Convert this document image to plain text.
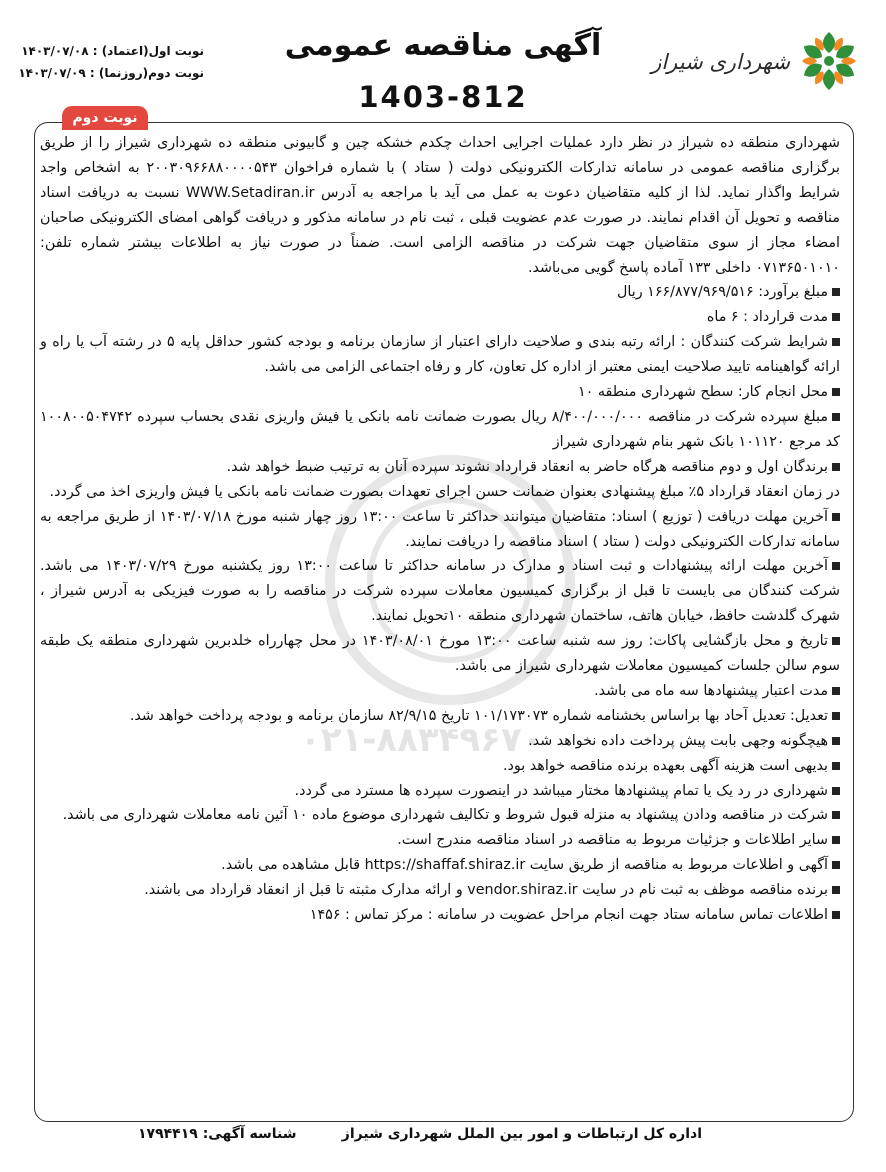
شهرداری شیراز
آگهی مناقصه عمومی
1403-812
نوبت اول(اعتماد) : ۱۴۰۳/۰۷/۰۸
نوبت دوم(روزنما) : ۱۴۰۳/۰۷/۰۹
نوبت دوم
۰۲۱-۸۸۳۴۹۶۷۰

شهرداری منطقه ده شیراز در نظر دارد عملیات اجرایی احداث چکدم خشکه چین و گابیونی منطقه ده شهرداری شیراز را از طریق برگزاری مناقصه عمومی در سامانه تدارکات الکترونیکی دولت ( ستاد ) با شماره فراخوان ۲۰۰۳۰۹۶۶۸۸۰۰۰۰۵۴۳ به اشخاص واجد شرایط واگذار نماید. لذا از کلیه متقاضیان دعوت به عمل می آید با مراجعه به آدرس WWW.Setadiran.ir نسبت به دریافت اسناد مناقصه و تحویل آن اقدام نمایند. در صورت عدم عضویت قبلی ، ثبت نام در سامانه مذکور و دریافت گواهی امضای الکترونیکی صاحبان امضاء مجاز از سوی متقاضیان جهت شرکت در مناقصه الزامی است. ضمناً در صورت نیاز به اطلاعات بیشتر شماره تلفن: ۰۷۱۳۶۵۰۱۰۱۰ داخلی ۱۳۳ آماده پاسخ گویی می‌باشد.

مبلغ برآورد: ۱۶۶/۸۷۷/۹۶۹/۵۱۶ ریال

مدت قرارداد : ۶ ماه

شرایط شرکت کنندگان : ارائه رتبه بندی و صلاحیت دارای اعتبار از سازمان برنامه و بودجه کشور حداقل پایه ۵ در رشته آب یا راه و ارائه گواهینامه تایید صلاحیت ایمنی معتبر از اداره کل تعاون، کار و رفاه اجتماعی الزامی می باشد.

محل انجام کار: سطح شهرداری منطقه ۱۰

مبلغ سپرده شرکت در مناقصه ۸/۴۰۰/۰۰۰/۰۰۰ ریال بصورت ضمانت نامه بانکی یا فیش واریزی نقدی بحساب سپرده ۱۰۰۸۰۰۵۰۴۷۴۲ کد مرجع ۱۰۱۱۲۰ بانک شهر بنام شهرداری شیراز

برندگان اول و دوم مناقصه هرگاه حاضر به انعقاد قرارداد نشوند سپرده آنان به ترتیب ضبط خواهد شد.

در زمان انعقاد قرارداد ۵٪ مبلغ پیشنهادی بعنوان ضمانت حسن اجرای تعهدات بصورت ضمانت نامه بانکی یا فیش واریزی اخذ می گردد.

آخرین مهلت دریافت ( توزیع ) اسناد: متقاضیان میتوانند حداکثر تا ساعت ۱۳:۰۰ روز چهار شنبه مورخ ۱۴۰۳/۰۷/۱۸ از طریق مراجعه به سامانه تدارکات الکترونیکی دولت ( ستاد ) اسناد مناقصه را دریافت نمایند.

آخرین مهلت ارائه پیشنهادات و ثبت اسناد و مدارک در سامانه حداکثر تا ساعت ۱۳:۰۰ روز یکشنبه مورخ ۱۴۰۳/۰۷/۲۹ می باشد. شرکت کنندگان می بایست تا قبل از برگزاری کمیسیون معاملات سپرده شرکت در مناقصه را به صورت فیزیکی به آدرس شیراز ، شهرک گلدشت حافظ، خیابان هاتف، ساختمان شهرداری منطقه ۱۰تحویل نمایند.

تاریخ و محل بازگشایی پاکات: روز سه شنبه ساعت ۱۳:۰۰ مورخ ۱۴۰۳/۰۸/۰۱ در محل چهارراه خلدبرین شهرداری منطقه یک طبقه سوم سالن جلسات کمیسیون معاملات شهرداری شیراز می باشد.

مدت اعتبار پیشنهادها سه ماه می باشد.

تعدیل: تعدیل آحاد بها براساس بخشنامه شماره ۱۰۱/۱۷۳۰۷۳ تاریخ ۸۲/۹/۱۵ سازمان برنامه و بودجه پرداخت خواهد شد.

هیچگونه وجهی بابت پیش پرداخت داده نخواهد شد.

بدیهی است هزینه آگهی بعهده برنده مناقصه خواهد بود.

شهرداری در رد یک یا تمام پیشنهادها مختار میباشد در اینصورت سپرده ها مسترد می گردد.

شرکت در مناقصه ودادن پیشنهاد به منزله قبول شروط و تکالیف شهرداری موضوع ماده ۱۰ آئین نامه معاملات شهرداری می باشد.

سایر اطلاعات و جزئیات مربوط به مناقصه در اسناد مناقصه مندرج است.

آگهی و اطلاعات مربوط به مناقصه از طریق سایت https://shaffaf.shiraz.ir قابل مشاهده می باشد.

برنده مناقصه موظف به ثبت نام در سایت vendor.shiraz.ir و ارائه مدارک مثبته تا قبل از انعقاد قرارداد می باشند.

اطلاعات تماس سامانه ستاد جهت انجام مراحل عضویت در سامانه : مرکز تماس : ۱۴۵۶

اداره کل ارتباطات و امور بین الملل شهرداری شیراز
شناسه آگهی: ۱۷۹۴۴۱۹
